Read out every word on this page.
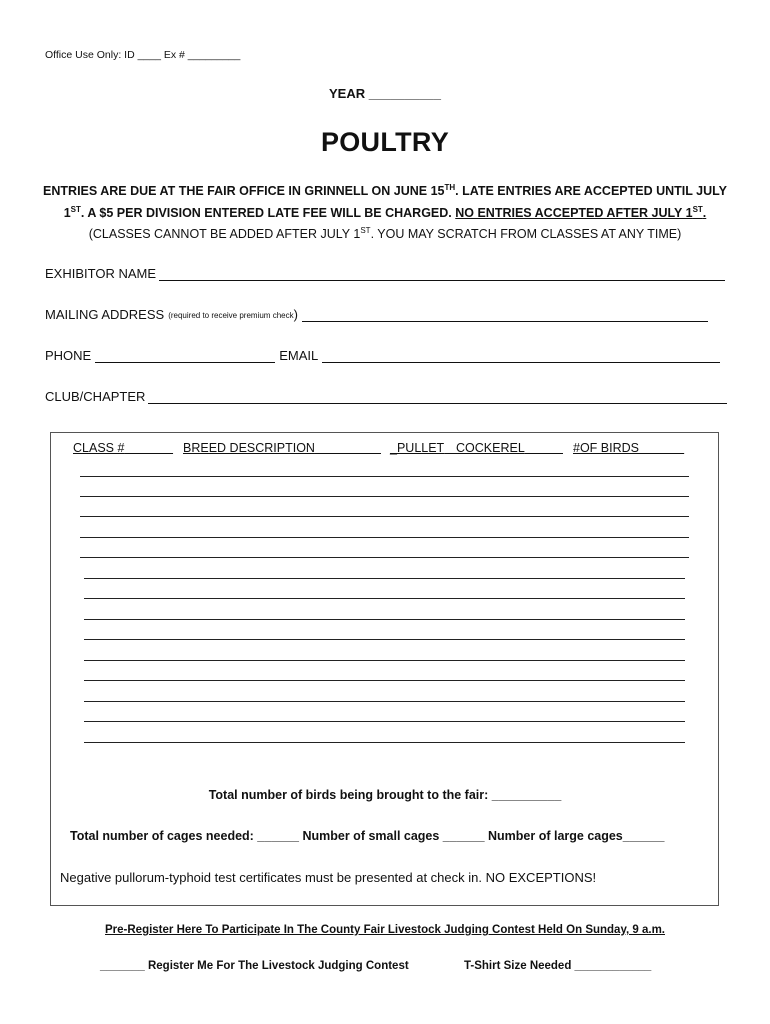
Office Use Only: ID ____ Ex # _________
YEAR __________
POULTRY
ENTRIES ARE DUE AT THE FAIR OFFICE IN GRINNELL ON JUNE 15TH. LATE ENTRIES ARE ACCEPTED UNTIL JULY
1ST. A $5 PER DIVISION ENTERED LATE FEE WILL BE CHARGED. NO ENTRIES ACCEPTED AFTER JULY 1ST.
(CLASSES CANNOT BE ADDED AFTER JULY 1ST. YOU MAY SCRATCH FROM CLASSES AT ANY TIME)
EXHIBITOR NAME
MAILING ADDRESS (required to receive premium check )
PHONE	EMAIL
CLUB/CHAPTER
CLASS #	BREED DESCRIPTION	_PULLET COCKEREL	#OF BIRDS
Total number of birds being brought to the fair: __________
Total number of cages needed: ______ Number of small cages ______ Number of large cages______
Negative pullorum-typhoid test certificates must be presented at check in. NO EXCEPTIONS!
Pre-Register Here To Participate In The County Fair Livestock Judging Contest Held On Sunday, 9 a.m.
_______ Register Me For The Livestock Judging Contest	T-Shirt Size Needed ____________
